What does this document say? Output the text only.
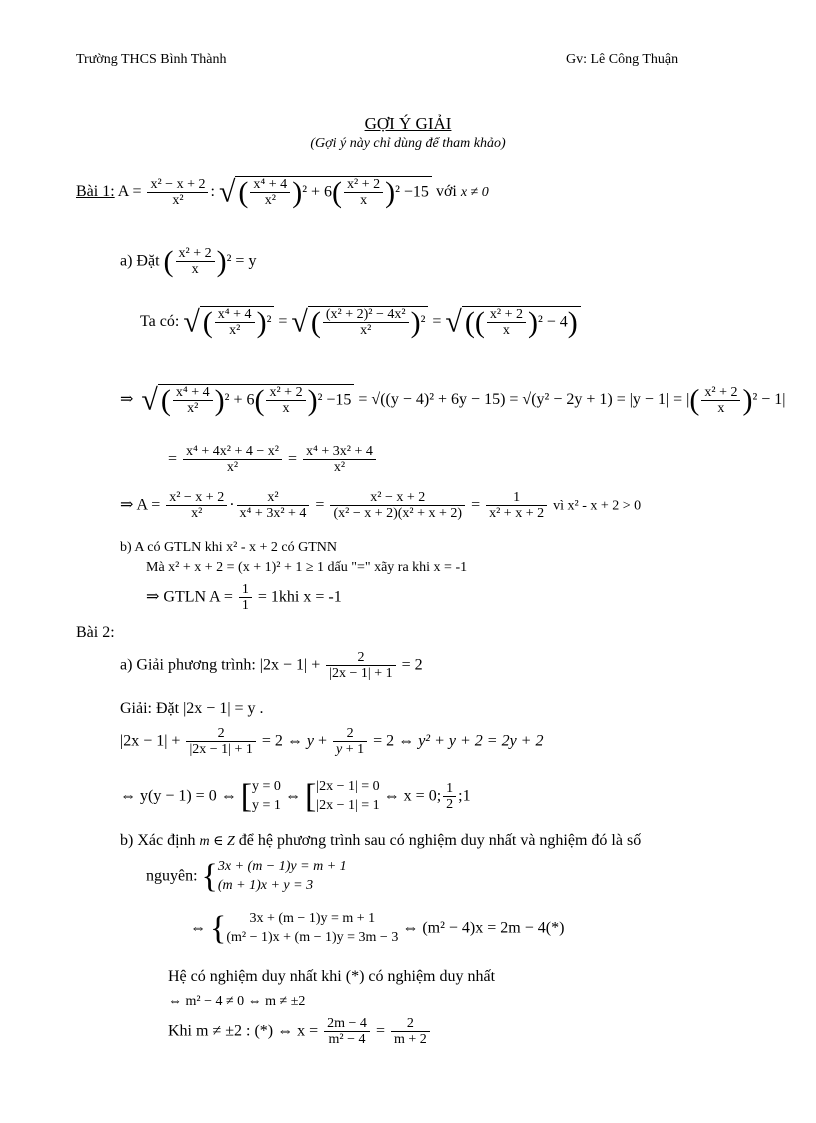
Trường THCS Bình Thành	Gv: Lê Công Thuận
GỢI Ý GIẢI
(Gợi ý này chỉ dùng để tham khảo)
Bài 1: $A = \frac{\text{x² − x + 2}}{\text{x²}}$ : √ ( $\frac{\text{x⁴ + 4}}{\text{x²}} )^2 + 6( \frac{\text{x² + 2}}{x} )^2 -15$ với x ≠ 0
a) Đặt ( $\frac{\text{x² + 2}}{x} )^2 = y$
Ta có: √ ( $\frac{\text{x⁴ + 4}}{\text{x²}} )^2$ = √ ( $\frac{\text{(x² + 2)² − 4x²}}{\text{x²}} )^2$ = √ (( $\frac{\text{x² + 2}}{x} )^2 - 4$)
⇒  √ ( $\frac{\text{x⁴ + 4}}{\text{x²}} )^2 + 6( \frac{\text{x² + 2}}{x} )^2 -15 = √((y - 4)^2 + 6y - 15) = √(y^2 - 2y + 1) = |y - 1|$ = |( $\frac{\text{x² + 2}}{x} )^2 - 1|$
= $\frac{\text{x⁴ + 4x² + 4 − x²}}{\text{x²}} = \frac{\text{x⁴ + 3x² + 4}}{\text{x²}}$
⇒ $A = \frac{\text{x² − x + 2}}{\text{x²}} \cdot \frac{\text{x²}}{\text{x⁴ + 3x² + 4}} = \frac{\text{x² − x + 2}}{\text{(x² − x + 2)(x² + x + 2)}} = \frac{1}{\text{x² + x + 2}}$ vì x² - x + 2 > 0
b) A có GTLN khi x² - x + 2 có GTNN
Mà x² + x + 2 = (x + 1)² + 1 ≥ 1 dấu "=" xãy ra khi x = -1
⇒ GTLN $A = \frac{1}{1} = 1khi$ x = -1
Bài 2:
a) Giải phương trình: $|2x - 1| + \frac{2}{|2x - 1| + 1} = 2$
Giải: Đặt |2x − 1| = y .
$|2x - 1| + \frac{2}{|2x - 1| + 1} = 2$ ⇔ $y + \frac{2}{y + 1} = 2$ ⇔ y² + y + 2 = 2y + 2
⇔ y(y − 1) = 0 ⇔ [y = 0
y = 1 ⇔ [|2x − 1| = 0
|2x − 1| = 1 ⇔ x = 0; $\frac{1}{2}$ ;1
b) Xác định m ∈ Z để hệ phương trình sau có nghiệm duy nhất và nghiệm đó là số
nguyên: {3x + (m − 1)y = m + 1
(m + 1)x + y = 3
⇔ { 3x + (m − 1)y = m + 1
(m² − 1)x + (m − 1)y = 3m − 3 ⇔ (m² − 4)x = 2m − 4(*)
Hệ có nghiệm duy nhất khi (*) có nghiệm duy nhất
⇔ m² − 4 ≠ 0 ⇔ m ≠ ±2
Khi m ≠ ±2 : (*) ⇔ $x = \frac{2m - 4}{\text{m² − 4}} = \frac{2}{m + 2}$
